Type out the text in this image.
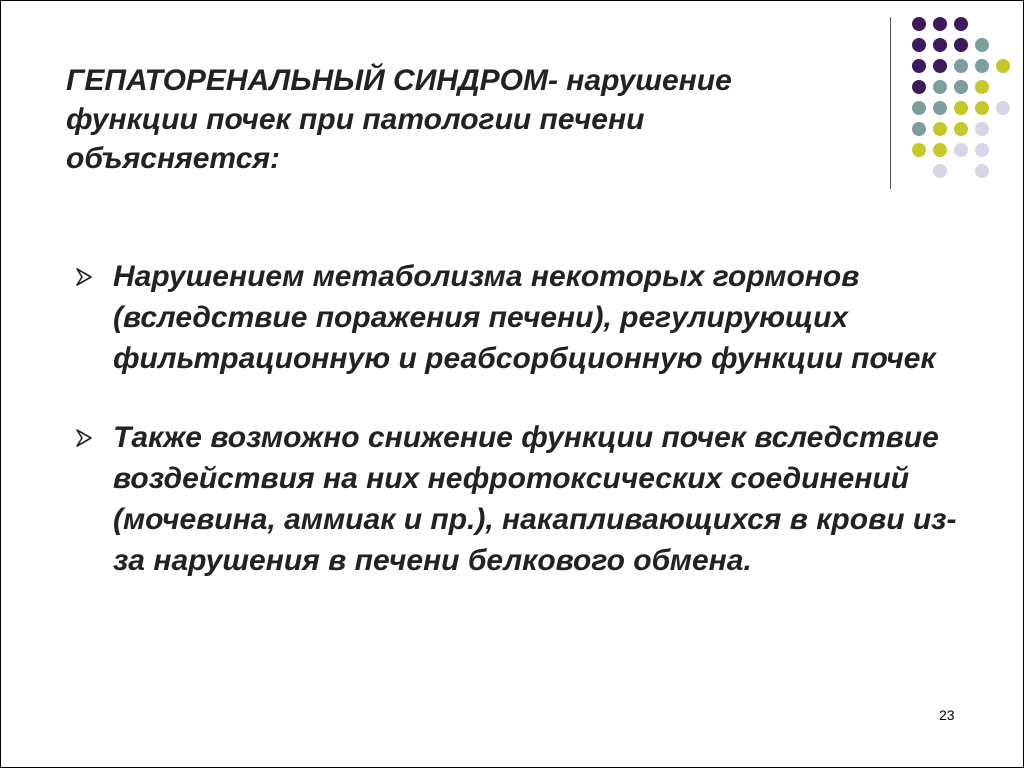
ГЕПАТОРЕНАЛЬНЫЙ СИНДРОМ- нарушение функции почек при патологии печени объясняется:
Нарушением метаболизма некоторых гормонов (вследствие поражения печени), регулирующих фильтрационную и реабсорбционную функции почек
Также возможно снижение функции почек вследствие воздействия на них нефротоксических соединений (мочевина, аммиак и пр.), накапливающихся в крови из-за нарушения в печени белкового обмена.
23
